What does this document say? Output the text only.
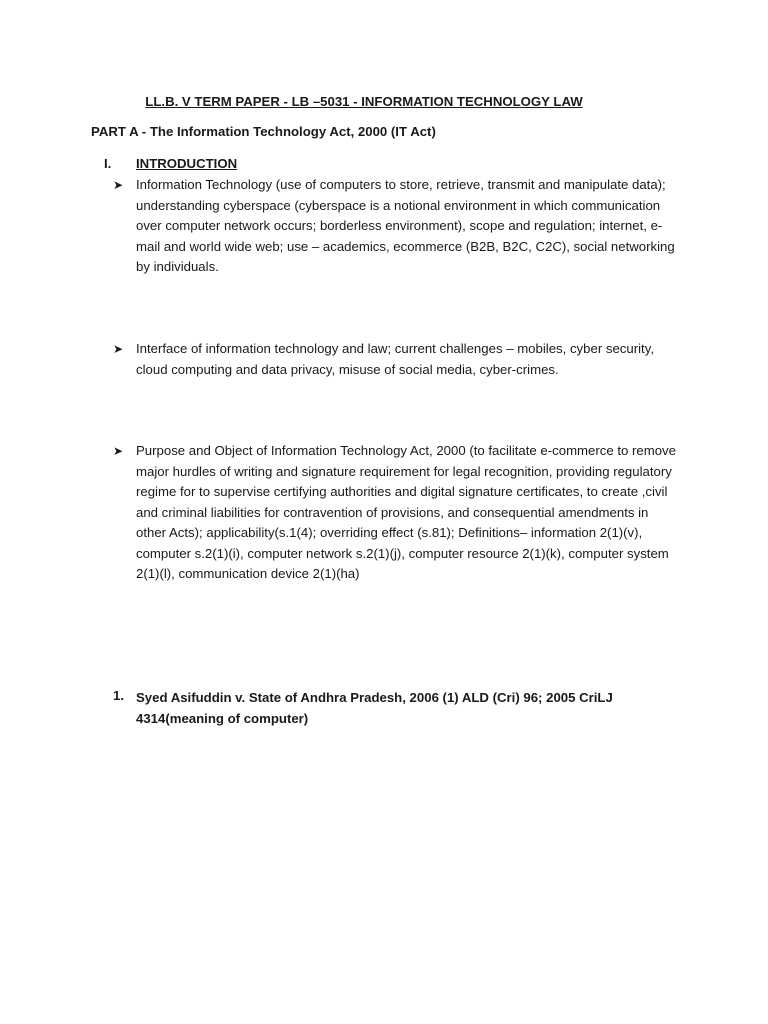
LL.B. V TERM PAPER - LB –5031 - INFORMATION TECHNOLOGY LAW
PART A - The Information Technology Act, 2000 (IT Act)
I. INTRODUCTION
➤ Information Technology (use of computers to store, retrieve, transmit and manipulate data); understanding cyberspace (cyberspace is a notional environment in which communication over computer network occurs; borderless environment), scope and regulation; internet, e-mail and world wide web; use – academics, ecommerce (B2B, B2C, C2C), social networking by individuals.
➤ Interface of information technology and law; current challenges – mobiles, cyber security, cloud computing and data privacy, misuse of social media, cyber-crimes.
➤ Purpose and Object of Information Technology Act, 2000 (to facilitate e-commerce to remove major hurdles of writing and signature requirement for legal recognition, providing regulatory regime for to supervise certifying authorities and digital signature certificates, to create ,civil and criminal liabilities for contravention of provisions, and consequential amendments in other Acts); applicability(s.1(4); overriding effect (s.81); Definitions– information 2(1)(v), computer s.2(1)(i), computer network s.2(1)(j), computer resource 2(1)(k), computer system 2(1)(l), communication device 2(1)(ha)
1. Syed Asifuddin v. State of Andhra Pradesh, 2006 (1) ALD (Cri) 96; 2005 CriLJ 4314(meaning of computer)
